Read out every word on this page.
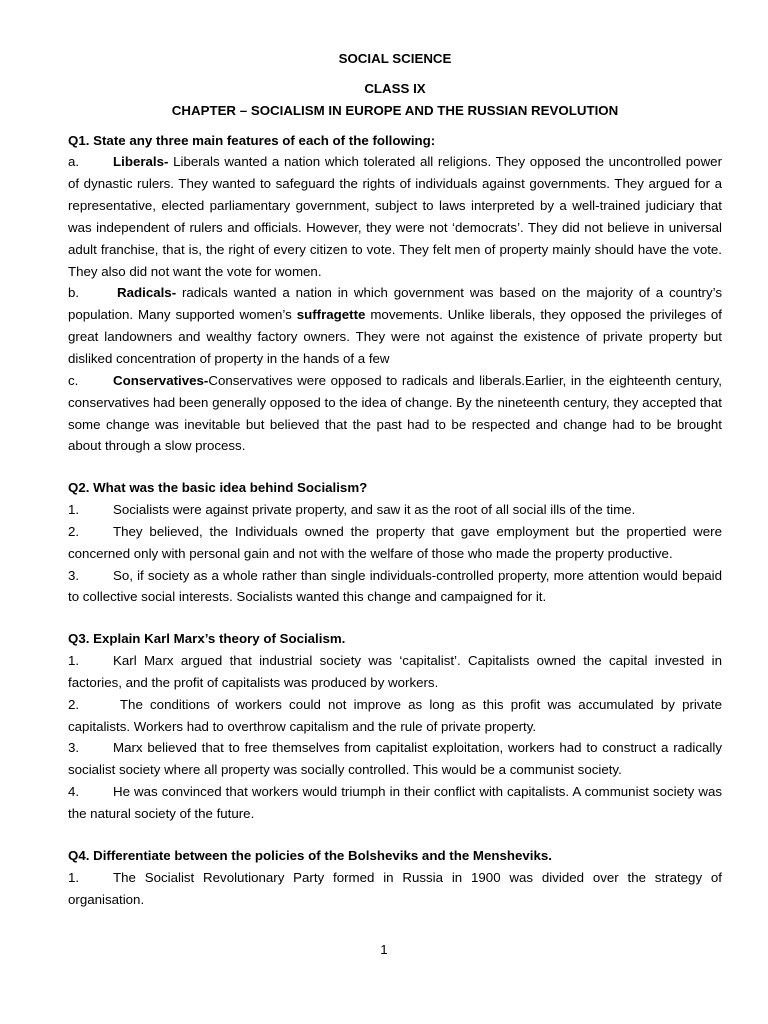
SOCIAL SCIENCE

CLASS IX

CHAPTER – SOCIALISM IN EUROPE AND THE RUSSIAN REVOLUTION

Q1. State any three main features of each of the following:

a.	Liberals- Liberals wanted a nation which tolerated all religions. They opposed the uncontrolled power of dynastic rulers. They wanted to safeguard the rights of individuals against governments. They argued for a representative, elected parliamentary government, subject to laws interpreted by a well-trained judiciary that was independent of rulers and officials. However, they were not ‘democrats’. They did not believe in universal adult franchise, that is, the right of every citizen to vote. They felt men of property mainly should have the vote. They also did not want the vote for women.

b.	Radicals- radicals wanted a nation in which government was based on the majority of a country’s population. Many supported women’s suffragette movements. Unlike liberals, they opposed the privileges of great landowners and wealthy factory owners. They were not against the existence of private property but disliked concentration of property in the hands of a few

c.	Conservatives-Conservatives were opposed to radicals and liberals.Earlier, in the eighteenth century, conservatives had been generally opposed to the idea of change. By the nineteenth century, they accepted that some change was inevitable but believed that the past had to be respected and change had to be brought about through a slow process.

Q2. What was the basic idea behind Socialism?

1.	Socialists were against private property, and saw it as the root of all social ills of the time.

2.	They believed, the Individuals owned the property that gave employment but the propertied were concerned only with personal gain and not with the welfare of those who made the property productive.

3.	So, if society as a whole rather than single individuals-controlled property, more attention would bepaid to collective social interests. Socialists wanted this change and campaigned for it.

Q3. Explain Karl Marx’s theory of Socialism.

1.	Karl Marx argued that industrial society was ‘capitalist’. Capitalists owned the capital invested in factories, and the profit of capitalists was produced by workers.

2.	The conditions of workers could not improve as long as this profit was accumulated by private capitalists. Workers had to overthrow capitalism and the rule of private property.

3.	Marx believed that to free themselves from capitalist exploitation, workers had to construct a radically socialist society where all property was socially controlled. This would be a communist society.

4.	He was convinced that workers would triumph in their conflict with capitalists. A communist society was the natural society of the future.

Q4. Differentiate between the policies of the Bolsheviks and the Mensheviks.

1.	The Socialist Revolutionary Party formed in Russia in 1900 was divided over the strategy of organisation.

1
